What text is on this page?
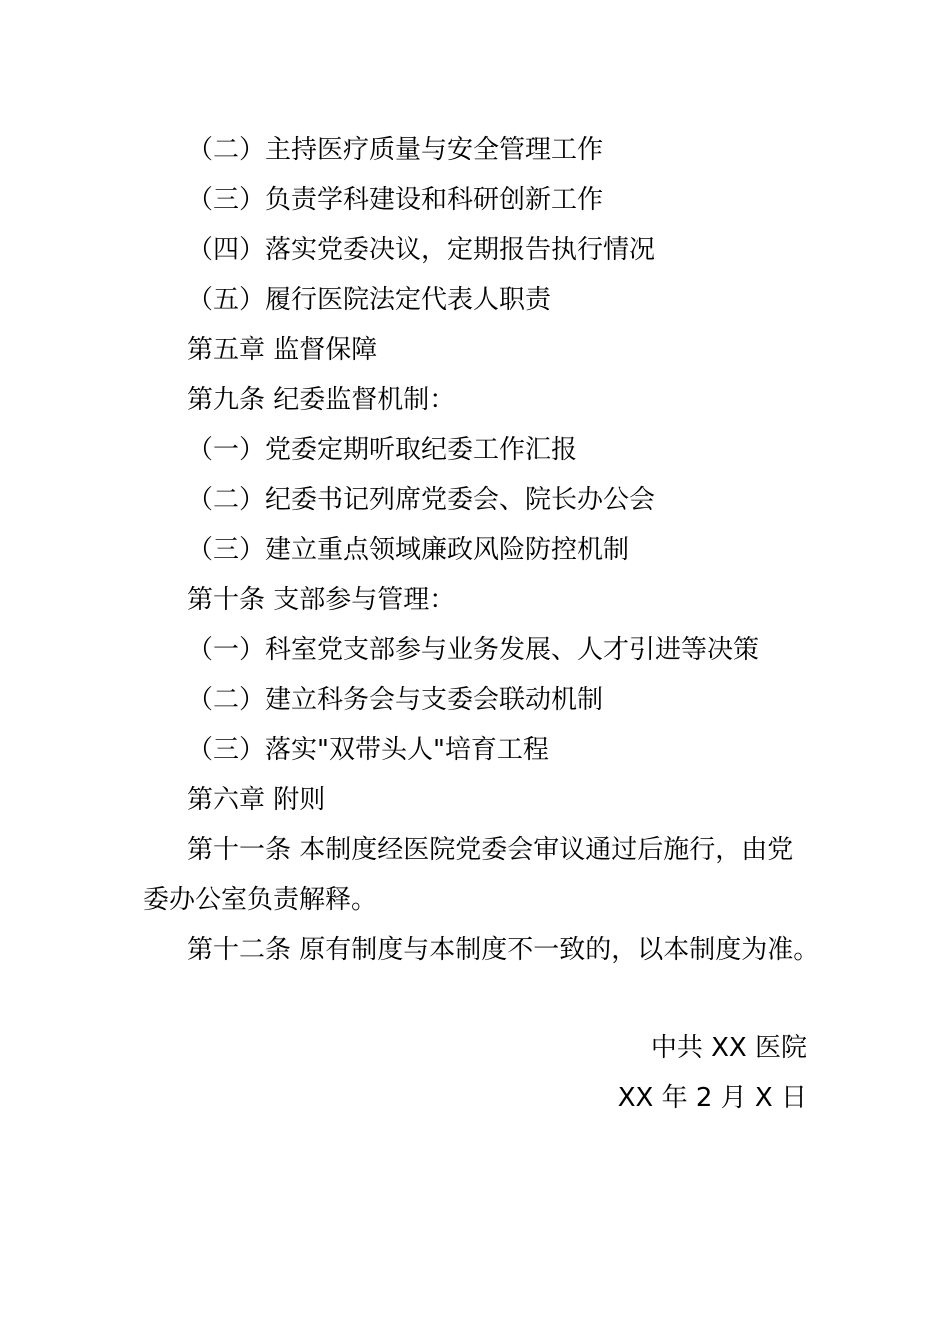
（二）主持医疗质量与安全管理工作
（三）负责学科建设和科研创新工作
（四）落实党委决议，定期报告执行情况
（五）履行医院法定代表人职责
第五章 监督保障
第九条 纪委监督机制：
（一）党委定期听取纪委工作汇报
（二）纪委书记列席党委会、院长办公会
（三）建立重点领域廉政风险防控机制
第十条 支部参与管理：
（一）科室党支部参与业务发展、人才引进等决策
（二）建立科务会与支委会联动机制
（三）落实"双带头人"培育工程
第六章 附则
第十一条 本制度经医院党委会审议通过后施行，由党
委办公室负责解释。
第十二条 原有制度与本制度不一致的，以本制度为准。
中共 XX 医院
XX 年 2 月 X 日
